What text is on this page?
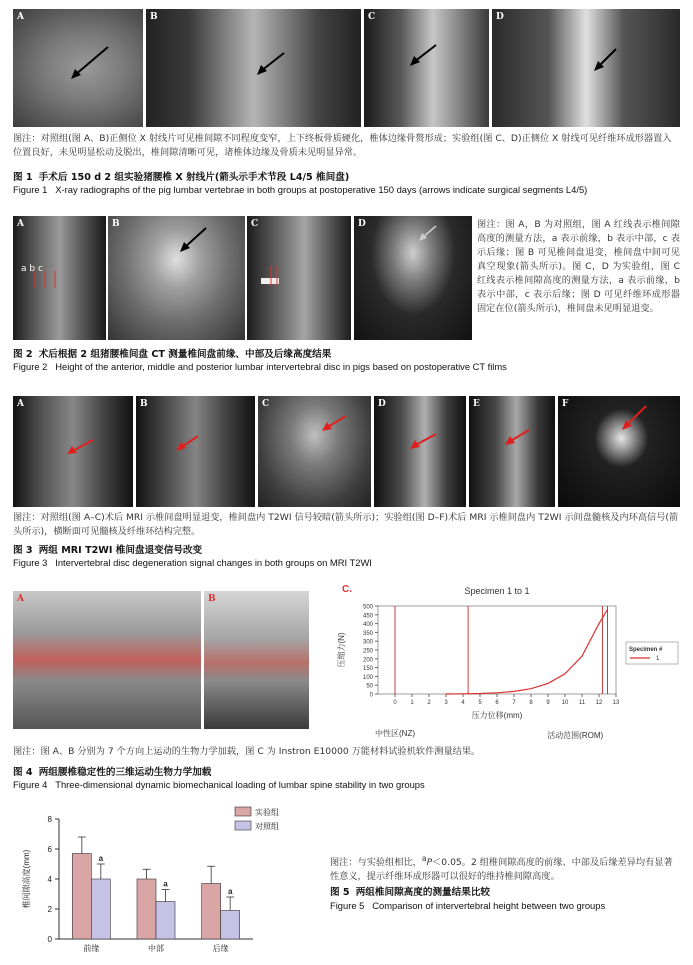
A	B	C	D
图注：对照组(图 A、B)正侧位 X 射线片可见椎间隙不同程度变窄，上下终板骨质硬化，椎体边缘骨赘形成；实验组(图 C、D)正侧位 X 射线可见纤维环成形器置入位置良好，未见明显松动及脱出，椎间隙清晰可见，诸椎体边缘及骨质未见明显异常。
图 1 手术后 150 d 2 组实验猪腰椎 X 射线片(箭头示手术节段 L4/5 椎间盘)
Figure 1 X-ray radiographs of the pig lumbar vertebrae in both groups at postoperative 150 days (arrows indicate surgical segments L4/5)
A
a b c
B	C	D	图注：图 A，B 为对照组，图 A 红线表示椎间隙高度的测量方法，a 表示前缘，b 表示中部，c 表示后缘；图 B 可见椎间盘退变，椎间盘中间可见真空现象(箭头所示)。图 C，D 为实验组，图 C 红线表示椎间隙高度的测量方法，a 表示前缘，b 表示中部，c 表示后缘；图 D 可见纤维环成形器固定在位(箭头所示)，椎间盘未见明显退变。
图 2 术后根据 2 组猪腰椎间盘 CT 测量椎间盘前缘、中部及后缘高度结果
Figure 2 Height of the anterior, middle and posterior lumbar intervertebral disc in pigs based on postoperative CT films
A	B	C	D	E	F
图注：对照组(图 A–C)术后 MRI 示椎间盘明显退变，椎间盘内 T2WI 信号较暗(箭头所示)；实验组(图 D–F)术后 MRI 示椎间盘内 T2WI 示间盘髓核及内环高信号(箭头所示)，横断面可见髓核及纤维环结构完整。
图 3 两组 MRI T2WI 椎间盘退变信号改变
Figure 3 Intervertebral disc degeneration signal changes in both groups on MRI T2WI
A	B
C.	Specimen 1 to 1
0
50
100
150
200
250
300
350
400
450
500
0 1 2 3 4 5 6 7 8 9 10 11 12 13
压缩力(N)
压力位移(mm)
中性区(NZ)	活动范围(ROM)
Specimen #
1
图注：图 A、B 分别为 7 个方向上运动的生物力学加载，图 C 为 Instron E10000 万能材料试验机软件测量结果。
图 4 两组腰椎稳定性的三维运动生物力学加载
Figure 4 Three-dimensional dynamic biomechanical loading of lumbar spine stability in two groups
0
2
4
6
8
椎间隙高度(mm)	a
前缘
a
中部
a
后缘
实验组
对照组
图注：与实验组相比，$^a$P＜0.05。2 组椎间隙高度的前缘、中部及后缘差异均有显著性意义，提示纤维环成形器可以很好的维持椎间隙高度。
图 5 两组椎间隙高度的测量结果比较
Figure 5 Comparison of intervertebral height between two groups
